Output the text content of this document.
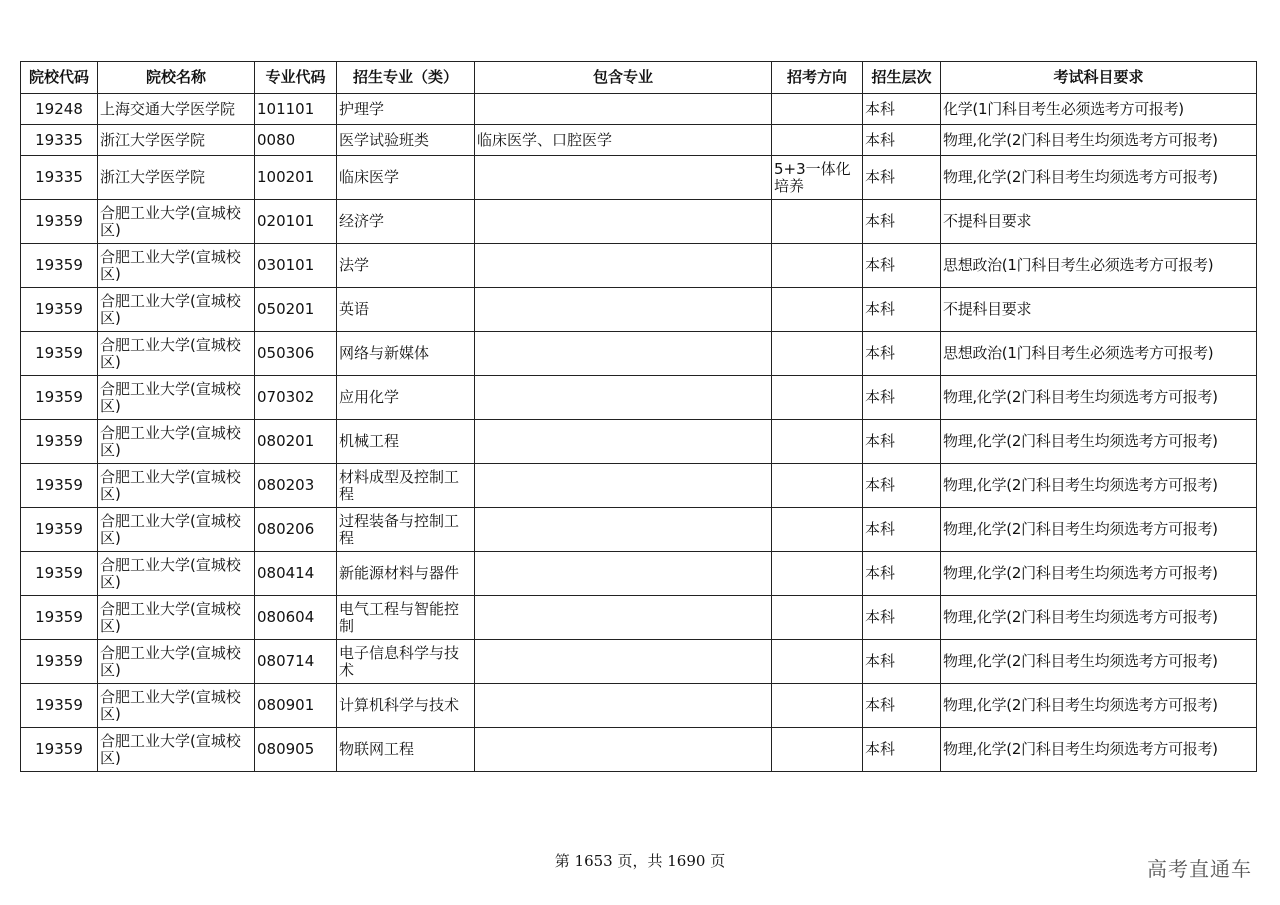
院校代码	院校名称	专业代码	招生专业（类）	包含专业	招考方向	招生层次	考试科目要求
19248	上海交通大学医学院	101101	护理学			本科	化学(1门科目考生必须选考方可报考)
19335	浙江大学医学院	0080	医学试验班类	临床医学、口腔医学		本科	物理,化学(2门科目考生均须选考方可报考)
19335	浙江大学医学院	100201	临床医学		5+3一体化培养	本科	物理,化学(2门科目考生均须选考方可报考)
19359	合肥工业大学(宣城校区)	020101	经济学			本科	不提科目要求
19359	合肥工业大学(宣城校区)	030101	法学			本科	思想政治(1门科目考生必须选考方可报考)
19359	合肥工业大学(宣城校区)	050201	英语			本科	不提科目要求
19359	合肥工业大学(宣城校区)	050306	网络与新媒体			本科	思想政治(1门科目考生必须选考方可报考)
19359	合肥工业大学(宣城校区)	070302	应用化学			本科	物理,化学(2门科目考生均须选考方可报考)
19359	合肥工业大学(宣城校区)	080201	机械工程			本科	物理,化学(2门科目考生均须选考方可报考)
19359	合肥工业大学(宣城校区)	080203	材料成型及控制工程			本科	物理,化学(2门科目考生均须选考方可报考)
19359	合肥工业大学(宣城校区)	080206	过程装备与控制工程			本科	物理,化学(2门科目考生均须选考方可报考)
19359	合肥工业大学(宣城校区)	080414	新能源材料与器件			本科	物理,化学(2门科目考生均须选考方可报考)
19359	合肥工业大学(宣城校区)	080604	电气工程与智能控制			本科	物理,化学(2门科目考生均须选考方可报考)
19359	合肥工业大学(宣城校区)	080714	电子信息科学与技术			本科	物理,化学(2门科目考生均须选考方可报考)
19359	合肥工业大学(宣城校区)	080901	计算机科学与技术			本科	物理,化学(2门科目考生均须选考方可报考)
19359	合肥工业大学(宣城校区)	080905	物联网工程			本科	物理,化学(2门科目考生均须选考方可报考)
第 1653 页，共 1690 页	高考直通车
